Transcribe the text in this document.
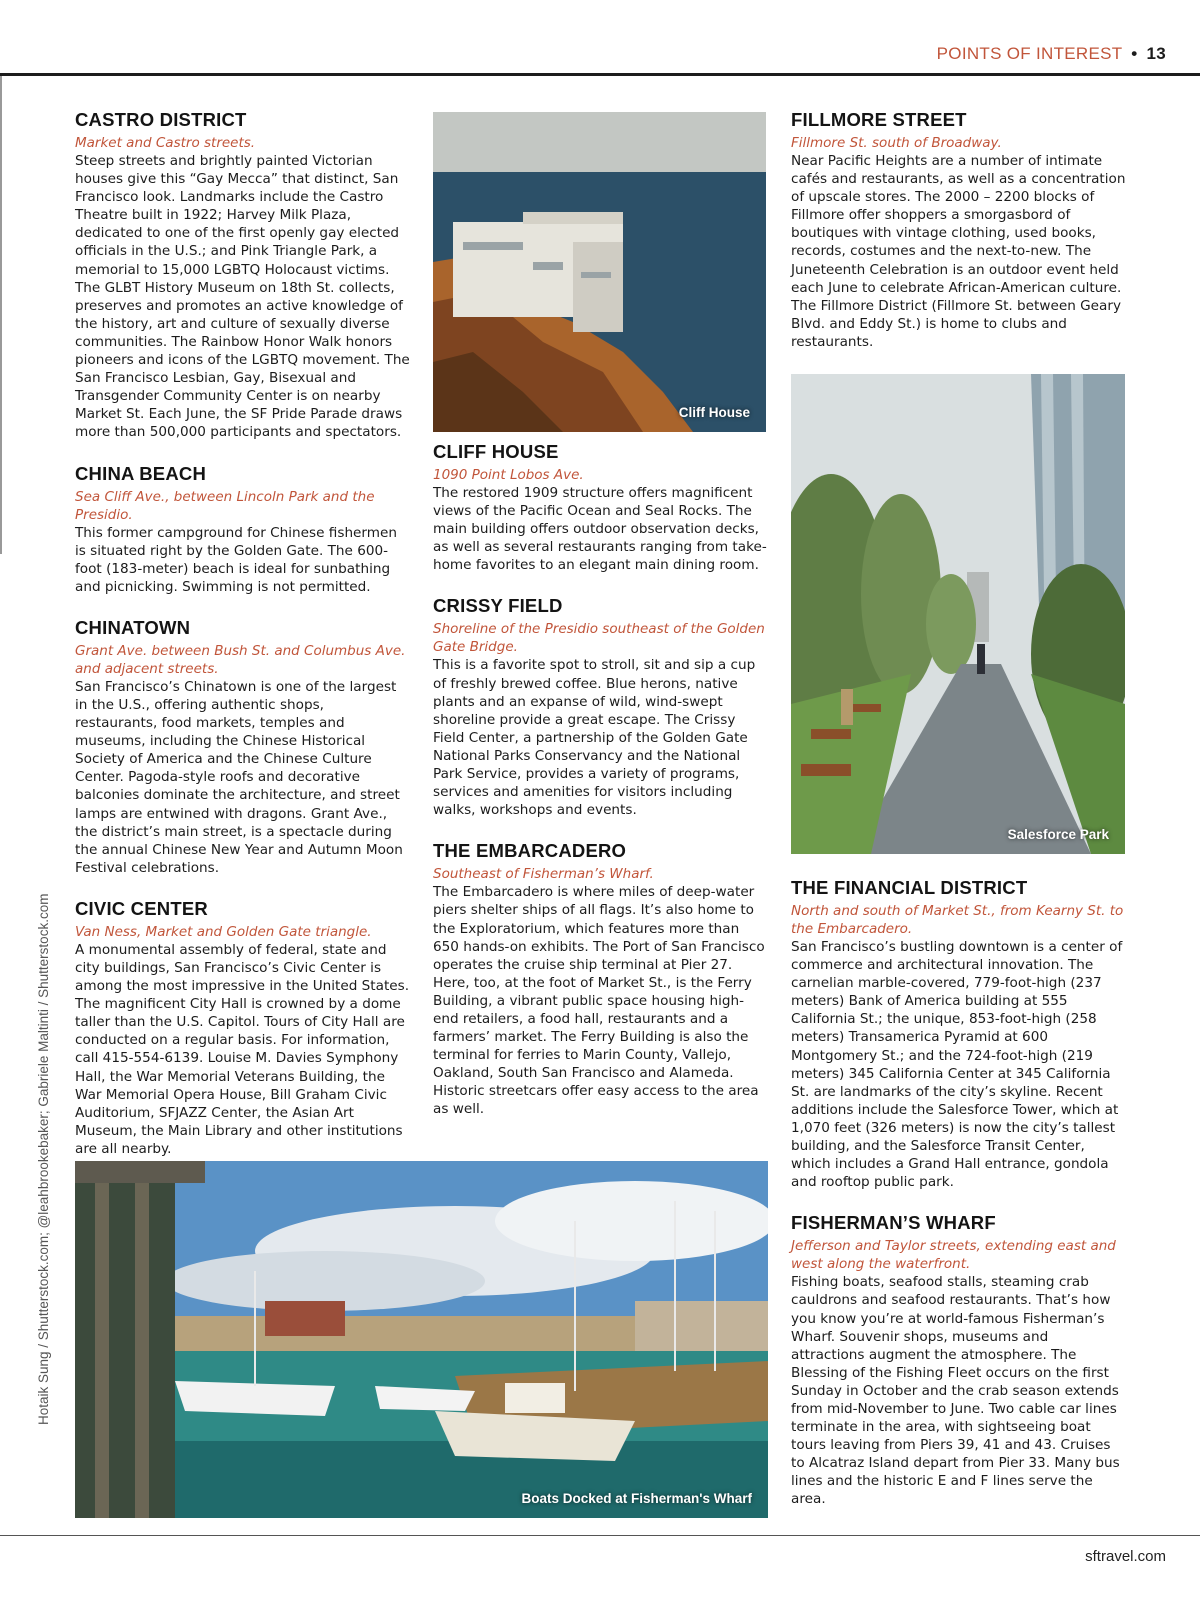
POINTS OF INTEREST • 13
Hotaik Sung / Shutterstock.com; @leahbrookebaker; Gabriele Maltinti / Shutterstock.com
CASTRO DISTRICT
Market and Castro streets.

Steep streets and brightly painted Victorian houses give this “Gay Mecca” that distinct, San Francisco look. Landmarks include the Castro Theatre built in 1922; Harvey Milk Plaza, dedicated to one of the first openly gay elected officials in the U.S.; and Pink Triangle Park, a memorial to 15,000 LGBTQ Holocaust victims. The GLBT History Museum on 18th St. collects, preserves and promotes an active knowledge of the history, art and culture of sexually diverse communities. The Rainbow Honor Walk honors pioneers and icons of the LGBTQ movement. The San Francisco Lesbian, Gay, Bisexual and Transgender Community Center is on nearby Market St. Each June, the SF Pride Parade draws more than 500,000 participants and spectators.

CHINA BEACH
Sea Cliff Ave., between Lincoln Park and the Presidio.

This former campground for Chinese fishermen is situated right by the Golden Gate. The 600-foot (183-meter) beach is ideal for sunbathing and picnicking. Swimming is not permitted.

CHINATOWN
Grant Ave. between Bush St. and Columbus Ave. and adjacent streets.

San Francisco’s Chinatown is one of the largest in the U.S., offering authentic shops, restaurants, food markets, temples and museums, including the Chinese Historical Society of America and the Chinese Culture Center. Pagoda-style roofs and decorative balconies dominate the architecture, and street lamps are entwined with dragons. Grant Ave., the district’s main street, is a spectacle during the annual Chinese New Year and Autumn Moon Festival celebrations.

CIVIC CENTER
Van Ness, Market and Golden Gate triangle.

A monumental assembly of federal, state and city buildings, San Francisco’s Civic Center is among the most impressive in the United States. The magnificent City Hall is crowned by a dome taller than the U.S. Capitol. Tours of City Hall are conducted on a regular basis. For information, call 415-554-6139. Louise M. Davies Symphony Hall, the War Memorial Veterans Building, the War Memorial Opera House, Bill Graham Civic Auditorium, SFJAZZ Center, the Asian Art Museum, the Main Library and other institutions are all nearby.

Cliff House
CLIFF HOUSE
1090 Point Lobos Ave.

The restored 1909 structure offers magnificent views of the Pacific Ocean and Seal Rocks. The main building offers outdoor observation decks, as well as several restaurants ranging from take-home favorites to an elegant main dining room.

CRISSY FIELD
Shoreline of the Presidio southeast of the Golden Gate Bridge.

This is a favorite spot to stroll, sit and sip a cup of freshly brewed coffee. Blue herons, native plants and an expanse of wild, wind-swept shoreline provide a great escape. The Crissy Field Center, a partnership of the Golden Gate National Parks Conservancy and the National Park Service, provides a variety of programs, services and amenities for visitors including walks, workshops and events.

THE EMBARCADERO
Southeast of Fisherman’s Wharf.

The Embarcadero is where miles of deep-water piers shelter ships of all flags. It’s also home to the Exploratorium, which features more than 650 hands-on exhibits. The Port of San Francisco operates the cruise ship terminal at Pier 27. Here, too, at the foot of Market St., is the Ferry Building, a vibrant public space housing high-end retailers, a food hall, restaurants and a farmers’ market. The Ferry Building is also the terminal for ferries to Marin County, Vallejo, Oakland, South San Francisco and Alameda. Historic streetcars offer easy access to the area as well.

FILLMORE STREET
Fillmore St. south of Broadway.

Near Pacific Heights are a number of intimate cafés and restaurants, as well as a concentration of upscale stores. The 2000 – 2200 blocks of Fillmore offer shoppers a smorgasbord of boutiques with vintage clothing, used books, records, costumes and the next-to-new. The Juneteenth Celebration is an outdoor event held each June to celebrate African-American culture. The Fillmore District (Fillmore St. between Geary Blvd. and Eddy St.) is home to clubs and restaurants.

Salesforce Park
THE FINANCIAL DISTRICT
North and south of Market St., from Kearny St. to the Embarcadero.

San Francisco’s bustling downtown is a center of commerce and architectural innovation. The carnelian marble-covered, 779-foot-high (237 meters) Bank of America building at 555 California St.; the unique, 853-foot-high (258 meters) Transamerica Pyramid at 600 Montgomery St.; and the 724-foot-high (219 meters) 345 California Center at 345 California St. are landmarks of the city’s skyline. Recent additions include the Salesforce Tower, which at 1,070 feet (326 meters) is now the city’s tallest building, and the Salesforce Transit Center, which includes a Grand Hall entrance, gondola and rooftop public park.

FISHERMAN’S WHARF
Jefferson and Taylor streets, extending east and west along the waterfront.

Fishing boats, seafood stalls, steaming crab cauldrons and seafood restaurants. That’s how you know you’re at world-famous Fisherman’s Wharf. Souvenir shops, museums and attractions augment the atmosphere. The Blessing of the Fishing Fleet occurs on the first Sunday in October and the crab season extends from mid-November to June. Two cable car lines terminate in the area, with sightseeing boat tours leaving from Piers 39, 41 and 43. Cruises to Alcatraz Island depart from Pier 33. Many bus lines and the historic E and F lines serve the area.

Boats Docked at Fisherman's Wharf
sftravel.com
